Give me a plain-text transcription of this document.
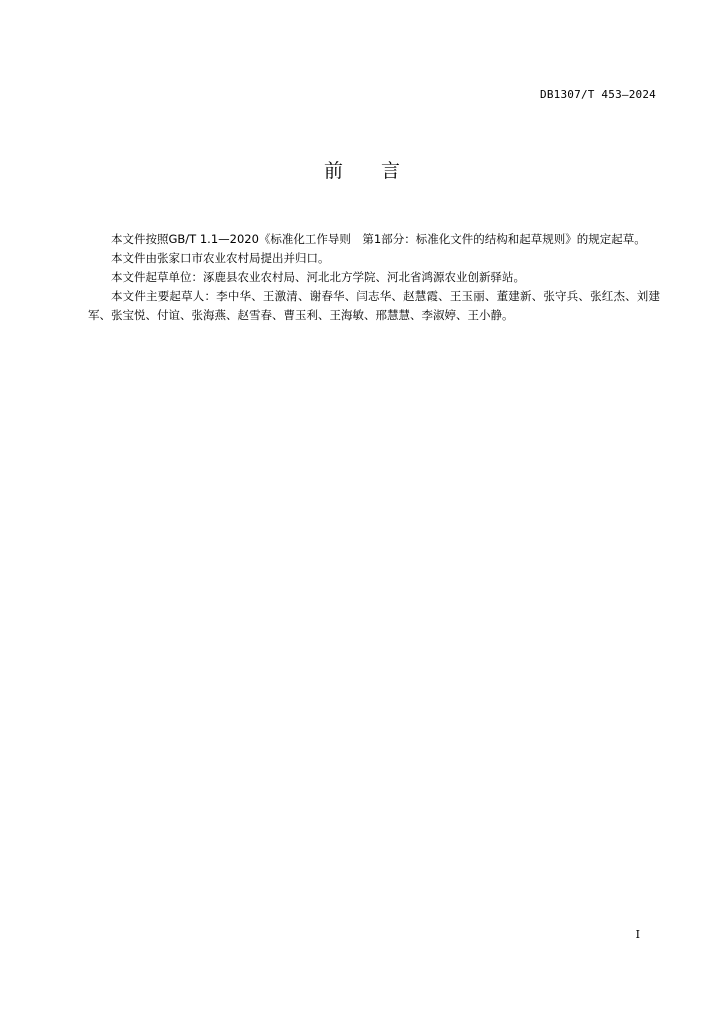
DB1307/T 453—2024
前言

本文件按照GB/T 1.1—2020《标准化工作导则　第1部分：标准化文件的结构和起草规则》的规定起草。

本文件由张家口市农业农村局提出并归口。

本文件起草单位：涿鹿县农业农村局、河北北方学院、河北省鸿源农业创新驿站。

本文件主要起草人：李中华、王激清、谢春华、闫志华、赵慧霞、王玉丽、董建新、张守兵、张红杰、刘建军、张宝悦、付谊、张海燕、赵雪春、曹玉利、王海敏、邢慧慧、李淑婷、王小静。

I
